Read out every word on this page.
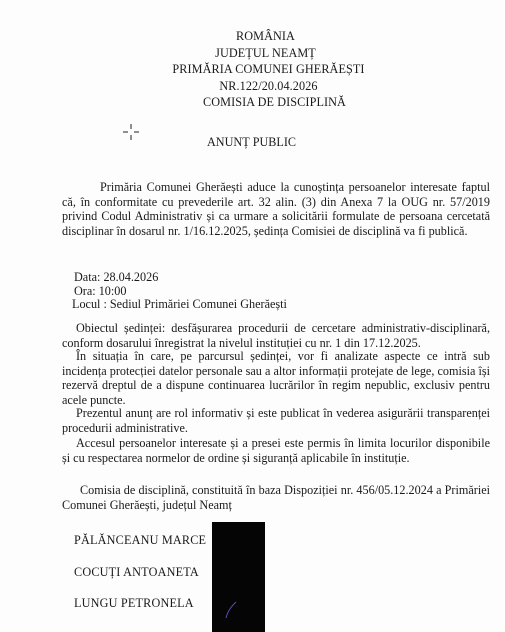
ROMÂNIA
JUDEȚUL NEAMȚ
PRIMĂRIA COMUNEI GHERĂEȘTI
NR.122/20.04.2026
COMISIA DE DISCIPLINĂ
ANUNȚ PUBLIC
Primăria Comunei Gherăești aduce la cunoștința persoanelor interesate faptul că, în conformitate cu prevederile art. 32 alin. (3) din Anexa 7 la OUG nr. 57/2019 privind Codul Administrativ și ca urmare a solicitării formulate de persoana cercetată disciplinar în dosarul nr. 1/16.12.2025, ședința Comisiei de disciplină va fi publică.
Data: 28.04.2026
Ora: 10:00
Locul : Sediul Primăriei Comunei Gherăești
Obiectul ședinței: desfășurarea procedurii de cercetare administrativ-disciplinară, conform dosarului înregistrat la nivelul instituției cu nr. 1 din 17.12.2025.
În situația în care, pe parcursul ședinței, vor fi analizate aspecte ce intră sub incidența protecției datelor personale sau a altor informații protejate de lege, comisia își rezervă dreptul de a dispune continuarea lucrărilor în regim nepublic, exclusiv pentru acele puncte.
Prezentul anunț are rol informativ și este publicat în vederea asigurării transparenței procedurii administrative.
Accesul persoanelor interesate și a presei este permis în limita locurilor disponibile și cu respectarea normelor de ordine și siguranță aplicabile în instituție.
Comisia de disciplină, constituită în baza Dispoziției nr. 456/05.12.2024 a Primăriei Comunei Gherăești, județul Neamț
PĂLĂNCEANU MARCE
COCUȚI ANTOANETA
LUNGU PETRONELA
